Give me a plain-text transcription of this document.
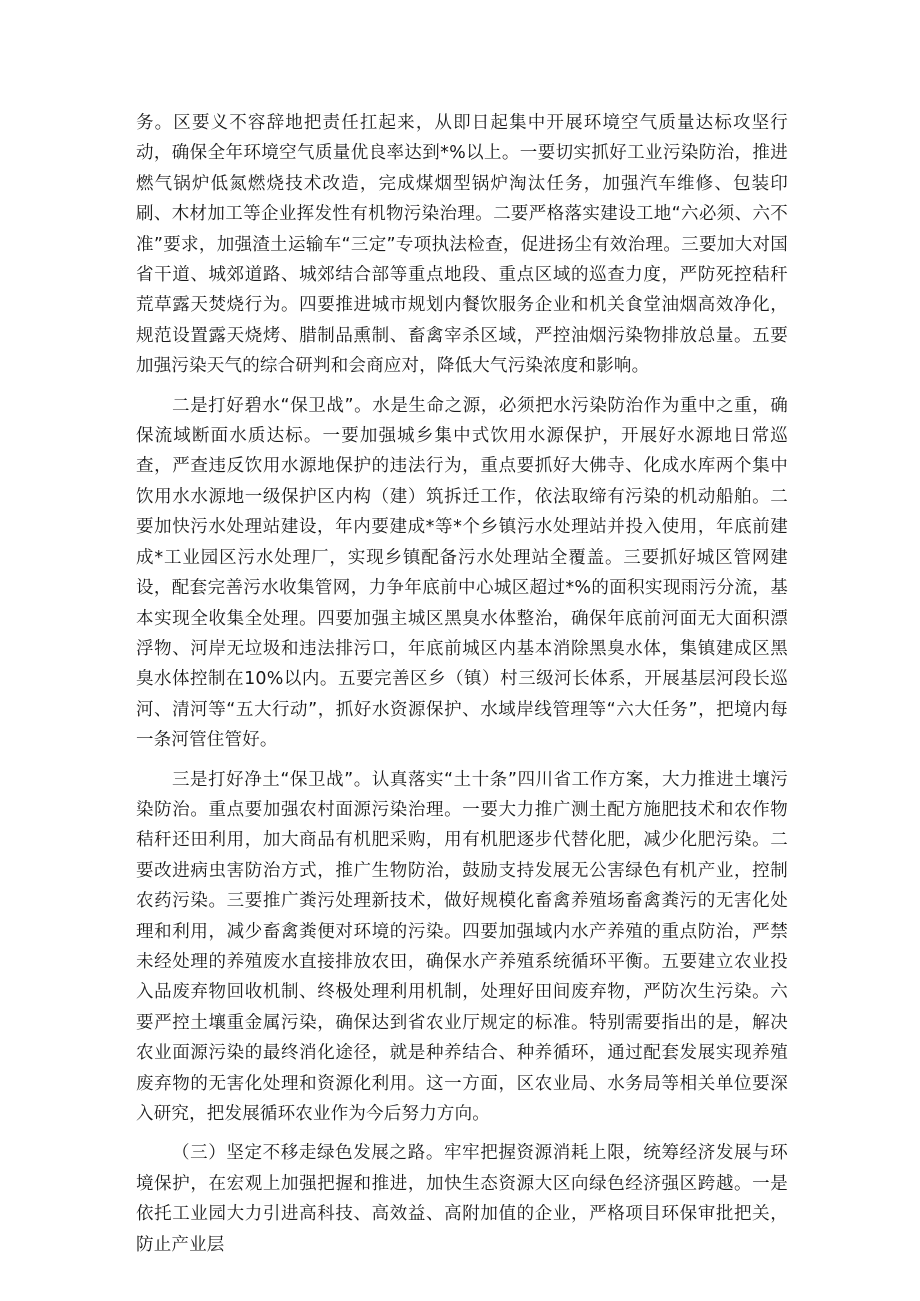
务。区要义不容辞地把责任扛起来，从即日起集中开展环境空气质量达标攻坚行动，确保全年环境空气质量优良率达到*%以上。一要切实抓好工业污染防治，推进燃气锅炉低氮燃烧技术改造，完成煤烟型锅炉淘汰任务，加强汽车维修、包装印刷、木材加工等企业挥发性有机物污染治理。二要严格落实建设工地“六必须、六不准”要求，加强渣土运输车“三定”专项执法检查，促进扬尘有效治理。三要加大对国省干道、城郊道路、城郊结合部等重点地段、重点区域的巡查力度，严防死控秸秆荒草露天焚烧行为。四要推进城市规划内餐饮服务企业和机关食堂油烟高效净化，规范设置露天烧烤、腊制品熏制、畜禽宰杀区域，严控油烟污染物排放总量。五要加强污染天气的综合研判和会商应对，降低大气污染浓度和影响。

二是打好碧水“保卫战”。水是生命之源，必须把水污染防治作为重中之重，确保流域断面水质达标。一要加强城乡集中式饮用水源保护，开展好水源地日常巡查，严查违反饮用水源地保护的违法行为，重点要抓好大佛寺、化成水库两个集中饮用水水源地一级保护区内构（建）筑拆迁工作，依法取缔有污染的机动船舶。二要加快污水处理站建设，年内要建成*等*个乡镇污水处理站并投入使用，年底前建成*工业园区污水处理厂，实现乡镇配备污水处理站全覆盖。三要抓好城区管网建设，配套完善污水收集管网，力争年底前中心城区超过*%的面积实现雨污分流，基本实现全收集全处理。四要加强主城区黑臭水体整治，确保年底前河面无大面积漂浮物、河岸无垃圾和违法排污口，年底前城区内基本消除黑臭水体，集镇建成区黑臭水体控制在10%以内。五要完善区乡（镇）村三级河长体系，开展基层河段长巡河、清河等“五大行动”，抓好水资源保护、水域岸线管理等“六大任务”，把境内每一条河管住管好。

三是打好净土“保卫战”。认真落实“土十条”四川省工作方案，大力推进土壤污染防治。重点要加强农村面源污染治理。一要大力推广测土配方施肥技术和农作物秸秆还田利用，加大商品有机肥采购，用有机肥逐步代替化肥，减少化肥污染。二要改进病虫害防治方式，推广生物防治，鼓励支持发展无公害绿色有机产业，控制农药污染。三要推广粪污处理新技术，做好规模化畜禽养殖场畜禽粪污的无害化处理和利用，减少畜禽粪便对环境的污染。四要加强域内水产养殖的重点防治，严禁未经处理的养殖废水直接排放农田，确保水产养殖系统循环平衡。五要建立农业投入品废弃物回收机制、终极处理利用机制，处理好田间废弃物，严防次生污染。六要严控土壤重金属污染，确保达到省农业厅规定的标准。特别需要指出的是，解决农业面源污染的最终消化途径，就是种养结合、种养循环，通过配套发展实现养殖废弃物的无害化处理和资源化利用。这一方面，区农业局、水务局等相关单位要深入研究，把发展循环农业作为今后努力方向。

（三）坚定不移走绿色发展之路。牢牢把握资源消耗上限，统筹经济发展与环境保护，在宏观上加强把握和推进，加快生态资源大区向绿色经济强区跨越。一是依托工业园大力引进高科技、高效益、高附加值的企业，严格项目环保审批把关，防止产业层
